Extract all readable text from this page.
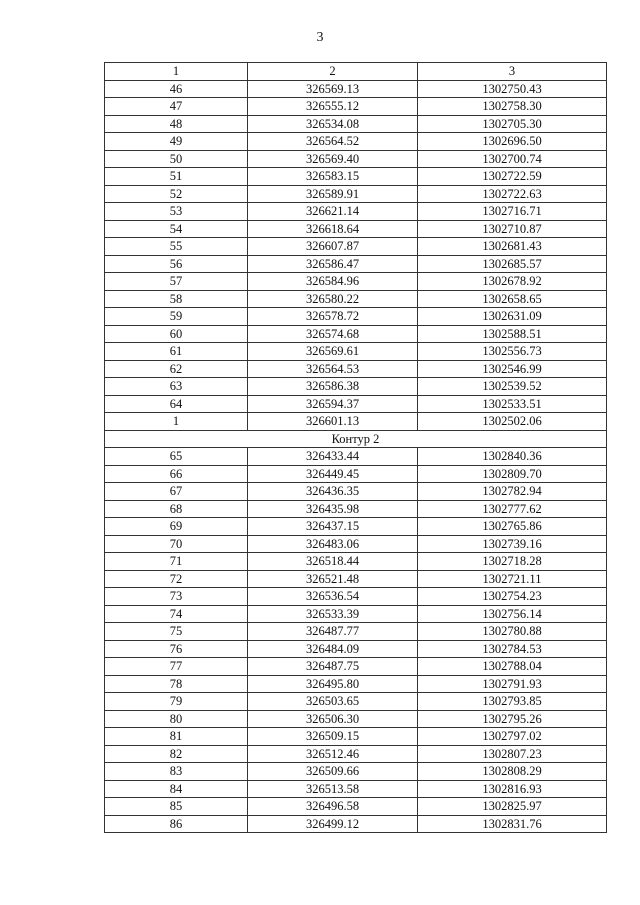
3
1	2	3
46	326569.13	1302750.43
47	326555.12	1302758.30
48	326534.08	1302705.30
49	326564.52	1302696.50
50	326569.40	1302700.74
51	326583.15	1302722.59
52	326589.91	1302722.63
53	326621.14	1302716.71
54	326618.64	1302710.87
55	326607.87	1302681.43
56	326586.47	1302685.57
57	326584.96	1302678.92
58	326580.22	1302658.65
59	326578.72	1302631.09
60	326574.68	1302588.51
61	326569.61	1302556.73
62	326564.53	1302546.99
63	326586.38	1302539.52
64	326594.37	1302533.51
1	326601.13	1302502.06
Контур 2		
65	326433.44	1302840.36
66	326449.45	1302809.70
67	326436.35	1302782.94
68	326435.98	1302777.62
69	326437.15	1302765.86
70	326483.06	1302739.16
71	326518.44	1302718.28
72	326521.48	1302721.11
73	326536.54	1302754.23
74	326533.39	1302756.14
75	326487.77	1302780.88
76	326484.09	1302784.53
77	326487.75	1302788.04
78	326495.80	1302791.93
79	326503.65	1302793.85
80	326506.30	1302795.26
81	326509.15	1302797.02
82	326512.46	1302807.23
83	326509.66	1302808.29
84	326513.58	1302816.93
85	326496.58	1302825.97
86	326499.12	1302831.76
